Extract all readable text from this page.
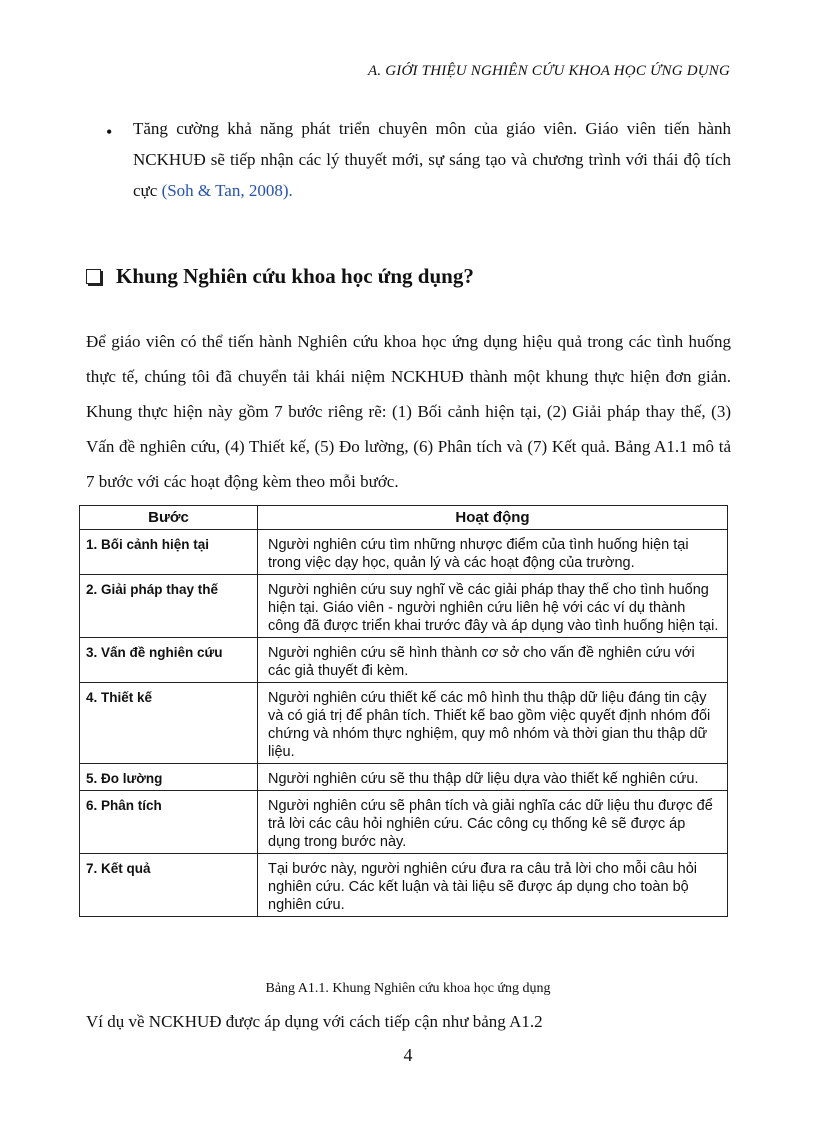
A. GIỚI THIỆU NGHIÊN CỨU KHOA HỌC ỨNG DỤNG
• Tăng cường khả năng phát triển chuyên môn của giáo viên. Giáo viên tiến hành NCKHUĐ sẽ tiếp nhận các lý thuyết mới, sự sáng tạo và chương trình với thái độ tích cực (Soh & Tan, 2008).
Khung Nghiên cứu khoa học ứng dụng?
Để giáo viên có thể tiến hành Nghiên cứu khoa học ứng dụng hiệu quả trong các tình huống thực tế, chúng tôi đã chuyển tải khái niệm NCKHUĐ thành một khung thực hiện đơn giản. Khung thực hiện này gồm 7 bước riêng rẽ: (1) Bối cảnh hiện tại, (2) Giải pháp thay thế, (3) Vấn đề nghiên cứu, (4) Thiết kế, (5) Đo lường, (6) Phân tích và (7) Kết quả. Bảng A1.1 mô tả 7 bước với các hoạt động kèm theo mỗi bước.
Bước	Hoạt động
1. Bối cảnh hiện tại	Người nghiên cứu tìm những nhược điểm của tình huống hiện tại trong việc dạy học, quản lý và các hoạt động của trường.
2. Giải pháp thay thế	Người nghiên cứu suy nghĩ về các giải pháp thay thế cho tình huống hiện tại. Giáo viên - người nghiên cứu liên hệ với các ví dụ thành công đã được triển khai trước đây và áp dụng vào tình huống hiện tại.
3. Vấn đề nghiên cứu	Người nghiên cứu sẽ hình thành cơ sở cho vấn đề nghiên cứu với các giả thuyết đi kèm.
4. Thiết kế	Người nghiên cứu thiết kế các mô hình thu thập dữ liệu đáng tin cậy và có giá trị để phân tích. Thiết kế bao gồm việc quyết định nhóm đối chứng và nhóm thực nghiệm, quy mô nhóm và thời gian thu thập dữ liệu.
5. Đo lường	Người nghiên cứu sẽ thu thập dữ liệu dựa vào thiết kế nghiên cứu.
6. Phân tích	Người nghiên cứu sẽ phân tích và giải nghĩa các dữ liệu thu được để trả lời các câu hỏi nghiên cứu. Các công cụ thống kê sẽ được áp dụng trong bước này.
7. Kết quả	Tại bước này, người nghiên cứu đưa ra câu trả lời cho mỗi câu hỏi nghiên cứu. Các kết luận và tài liệu sẽ được áp dụng cho toàn bộ nghiên cứu.
Bảng A1.1. Khung Nghiên cứu khoa học ứng dụng
Ví dụ về NCKHUĐ được áp dụng với cách tiếp cận như bảng A1.2
4
